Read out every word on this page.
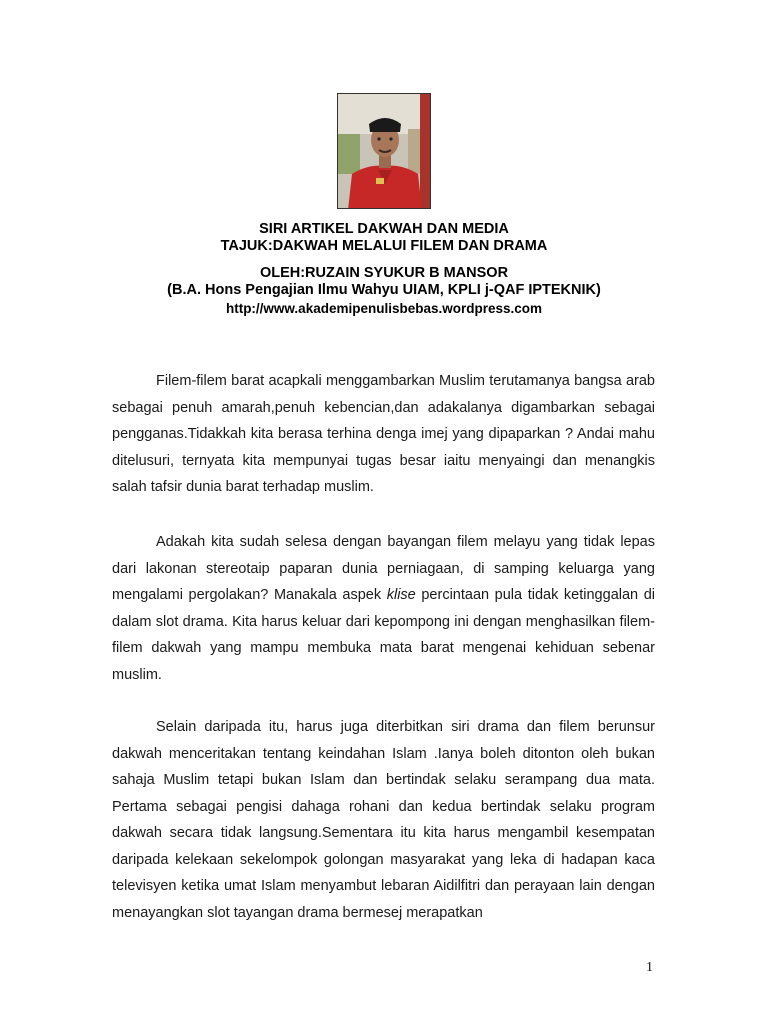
SIRI ARTIKEL DAKWAH DAN MEDIA
TAJUK:DAKWAH MELALUI FILEM DAN DRAMA
OLEH:RUZAIN SYUKUR B MANSOR
(B.A. Hons Pengajian Ilmu Wahyu UIAM, KPLI j-QAF IPTEKNIK)
http://www.akademipenulisbebas.wordpress.com
Filem-filem barat acapkali menggambarkan Muslim terutamanya bangsa arab sebagai penuh amarah,penuh kebencian,dan adakalanya digambarkan sebagai pengganas.Tidakkah kita berasa terhina denga imej yang dipaparkan ? Andai mahu ditelusuri, ternyata kita mempunyai tugas besar iaitu menyaingi dan menangkis salah tafsir dunia barat terhadap muslim.
Adakah kita sudah selesa dengan bayangan filem melayu yang tidak lepas dari lakonan stereotaip paparan dunia perniagaan, di samping keluarga yang mengalami pergolakan? Manakala aspek klise percintaan pula tidak ketinggalan di dalam slot drama. Kita harus keluar dari kepompong ini dengan menghasilkan filem-filem dakwah yang mampu membuka mata barat mengenai kehiduan sebenar muslim.
Selain daripada itu, harus juga diterbitkan siri drama dan filem berunsur dakwah menceritakan tentang keindahan Islam .Ianya boleh ditonton oleh bukan sahaja Muslim tetapi bukan Islam dan bertindak selaku serampang dua mata. Pertama sebagai pengisi dahaga rohani dan kedua bertindak selaku program dakwah secara tidak langsung.Sementara itu kita harus mengambil kesempatan daripada kelekaan sekelompok golongan masyarakat yang leka di hadapan kaca televisyen ketika umat Islam menyambut lebaran Aidilfitri dan perayaan lain dengan menayangkan slot tayangan drama bermesej merapatkan
1
